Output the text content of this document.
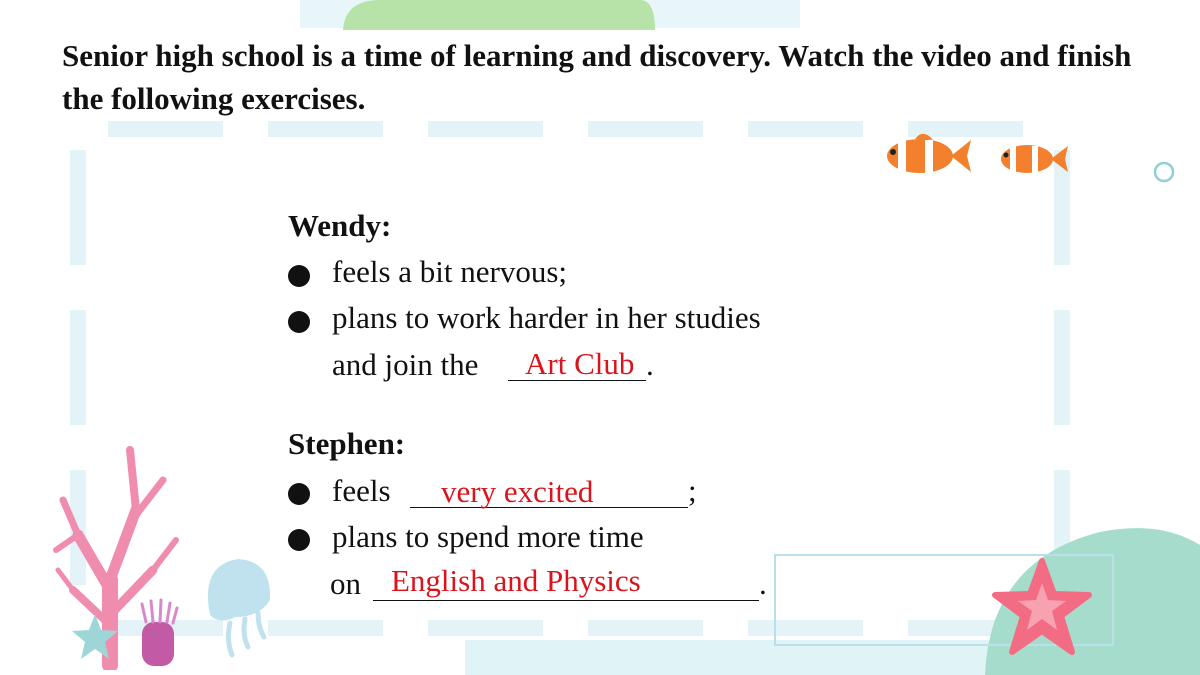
Senior high school is a time of learning and discovery. Watch the video and finish the following exercises.

Wendy:
feels a bit nervous;
plans to work harder in her studies
and join the Art Club .
Stephen:
feels very excited	;
plans to spend more time
on English and Physics	.
